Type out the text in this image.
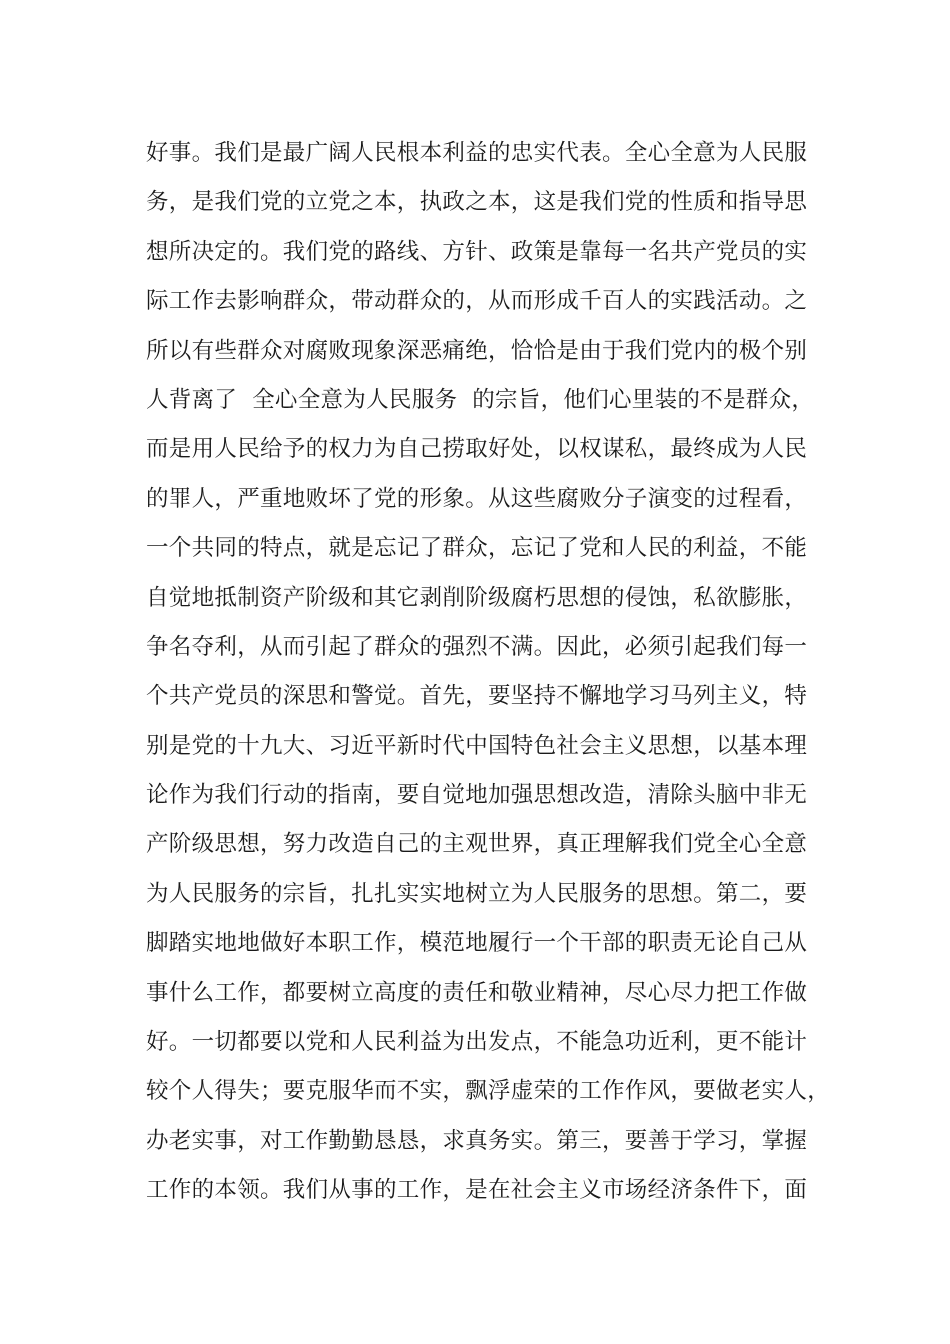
好事。我们是最广阔人民根本利益的忠实代表。全心全意为人民服
务，是我们党的立党之本，执政之本，这是我们党的性质和指导思
想所决定的。我们党的路线、方针、政策是靠每一名共产党员的实
际工作去影响群众，带动群众的，从而形成千百人的实践活动。之
所以有些群众对腐败现象深恶痛绝，恰恰是由于我们党内的极个别
人背离了  全心全意为人民服务  的宗旨，他们心里装的不是群众，
而是用人民给予的权力为自己捞取好处，以权谋私，最终成为人民
的罪人，严重地败坏了党的形象。从这些腐败分子演变的过程看，
一个共同的特点，就是忘记了群众，忘记了党和人民的利益，不能
自觉地抵制资产阶级和其它剥削阶级腐朽思想的侵蚀，私欲膨胀，
争名夺利，从而引起了群众的强烈不满。因此，必须引起我们每一
个共产党员的深思和警觉。首先，要坚持不懈地学习马列主义，特
别是党的十九大、习近平新时代中国特色社会主义思想，以基本理
论作为我们行动的指南，要自觉地加强思想改造，清除头脑中非无
产阶级思想，努力改造自己的主观世界，真正理解我们党全心全意
为人民服务的宗旨，扎扎实实地树立为人民服务的思想。第二，要
脚踏实地地做好本职工作，模范地履行一个干部的职责无论自己从
事什么工作，都要树立高度的责任和敬业精神，尽心尽力把工作做
好。一切都要以党和人民利益为出发点，不能急功近利，更不能计
较个人得失；要克服华而不实，飘浮虚荣的工作作风，要做老实人，
办老实事，对工作勤勤恳恳，求真务实。第三，要善于学习，掌握
工作的本领。我们从事的工作，是在社会主义市场经济条件下，面
